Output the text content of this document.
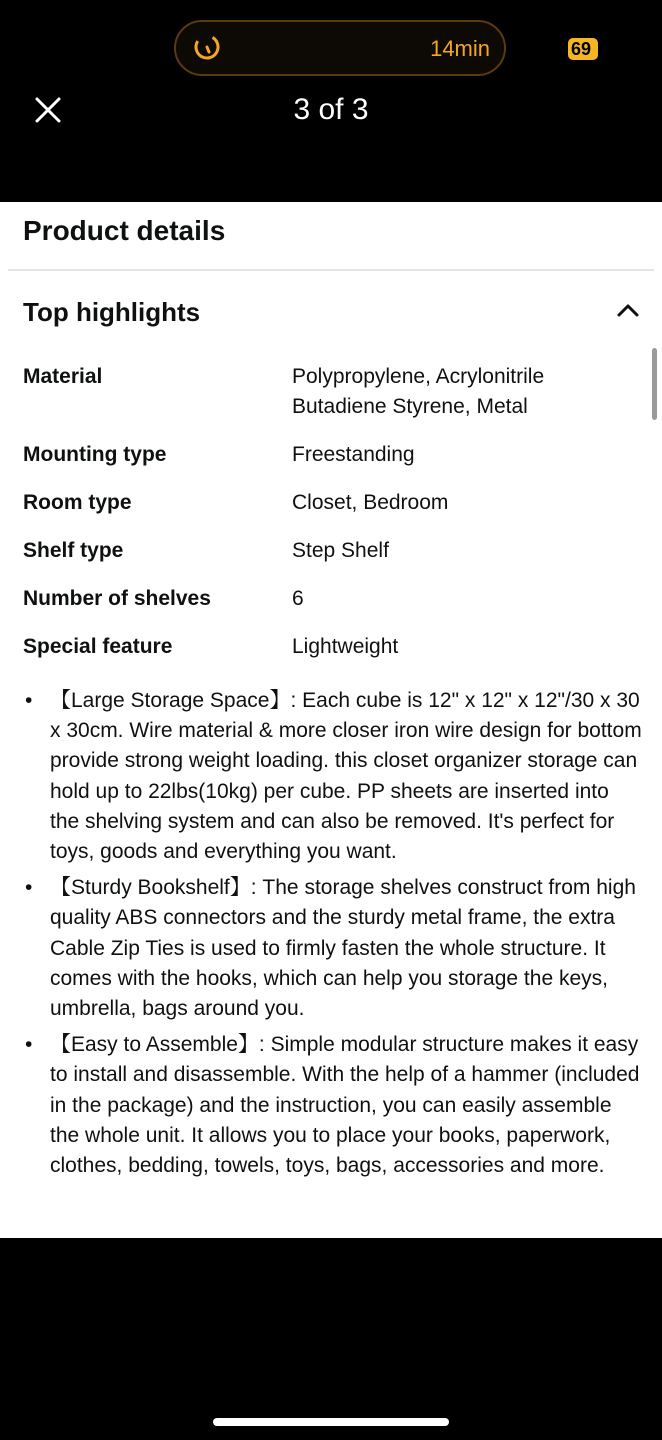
14min	69
3 of 3
Product details
Top highlights
Material	Polypropylene, Acrylonitrile Butadiene Styrene, Metal
Mounting type	Freestanding
Room type	Closet, Bedroom
Shelf type	Step Shelf
Number of shelves	6
Special feature	Lightweight
• 【Large Storage Space】: Each cube is 12" x 12" x 12"/30 x 30 x 30cm. Wire material & more closer iron wire design for bottom provide strong weight loading. this closet organizer storage can hold up to 22lbs(10kg) per cube. PP sheets are inserted into the shelving system and can also be removed. It's perfect for toys, goods and everything you want.
• 【Sturdy Bookshelf】: The storage shelves construct from high quality ABS connectors and the sturdy metal frame, the extra Cable Zip Ties is used to firmly fasten the whole structure. It comes with the hooks, which can help you storage the keys, umbrella, bags around you.
• 【Easy to Assemble】: Simple modular structure makes it easy to install and disassemble. With the help of a hammer (included in the package) and the instruction, you can easily assemble the whole unit. It allows you to place your books, paperwork, clothes, bedding, towels, toys, bags, accessories and more.
